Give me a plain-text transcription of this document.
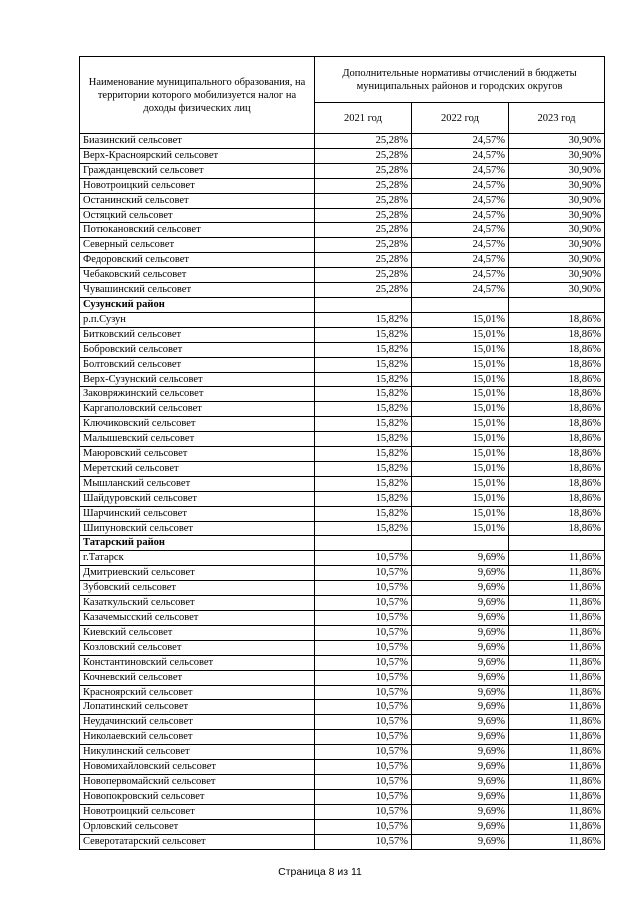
Наименование муниципального образования, на территории которого мобилизуется налог на доходы физических лиц	Дополнительные нормативы отчислений в бюджеты муниципальных районов и городских округов		
	2021 год	2022 год	2023 год
Биазинский сельсовет	25,28%	24,57%	30,90%
Верх-Красноярский сельсовет	25,28%	24,57%	30,90%
Гражданцевский сельсовет	25,28%	24,57%	30,90%
Новотроицкий сельсовет	25,28%	24,57%	30,90%
Останинский сельсовет	25,28%	24,57%	30,90%
Остяцкий сельсовет	25,28%	24,57%	30,90%
Потюкановский сельсовет	25,28%	24,57%	30,90%
Северный сельсовет	25,28%	24,57%	30,90%
Федоровский сельсовет	25,28%	24,57%	30,90%
Чебаковский сельсовет	25,28%	24,57%	30,90%
Чувашинский сельсовет	25,28%	24,57%	30,90%
Сузунский район			
р.п.Сузун	15,82%	15,01%	18,86%
Битковский сельсовет	15,82%	15,01%	18,86%
Бобровский сельсовет	15,82%	15,01%	18,86%
Болтовский сельсовет	15,82%	15,01%	18,86%
Верх-Сузунский сельсовет	15,82%	15,01%	18,86%
Заковряжинский сельсовет	15,82%	15,01%	18,86%
Каргаполовский сельсовет	15,82%	15,01%	18,86%
Ключиковский сельсовет	15,82%	15,01%	18,86%
Малышевский сельсовет	15,82%	15,01%	18,86%
Маюровский сельсовет	15,82%	15,01%	18,86%
Меретский сельсовет	15,82%	15,01%	18,86%
Мышланский сельсовет	15,82%	15,01%	18,86%
Шайдуровский сельсовет	15,82%	15,01%	18,86%
Шарчинский сельсовет	15,82%	15,01%	18,86%
Шипуновский сельсовет	15,82%	15,01%	18,86%
Татарский район			
г.Татарск	10,57%	9,69%	11,86%
Дмитриевский сельсовет	10,57%	9,69%	11,86%
Зубовский сельсовет	10,57%	9,69%	11,86%
Казаткульский сельсовет	10,57%	9,69%	11,86%
Казачемысский сельсовет	10,57%	9,69%	11,86%
Киевский сельсовет	10,57%	9,69%	11,86%
Козловский сельсовет	10,57%	9,69%	11,86%
Константиновский сельсовет	10,57%	9,69%	11,86%
Кочневский сельсовет	10,57%	9,69%	11,86%
Красноярский сельсовет	10,57%	9,69%	11,86%
Лопатинский сельсовет	10,57%	9,69%	11,86%
Неудачинский сельсовет	10,57%	9,69%	11,86%
Николаевский сельсовет	10,57%	9,69%	11,86%
Никулинский сельсовет	10,57%	9,69%	11,86%
Новомихайловский сельсовет	10,57%	9,69%	11,86%
Новопервомайский сельсовет	10,57%	9,69%	11,86%
Новопокровский сельсовет	10,57%	9,69%	11,86%
Новотроицкий сельсовет	10,57%	9,69%	11,86%
Орловский сельсовет	10,57%	9,69%	11,86%
Северотатарский сельсовет	10,57%	9,69%	11,86%
Страница 8 из 11
